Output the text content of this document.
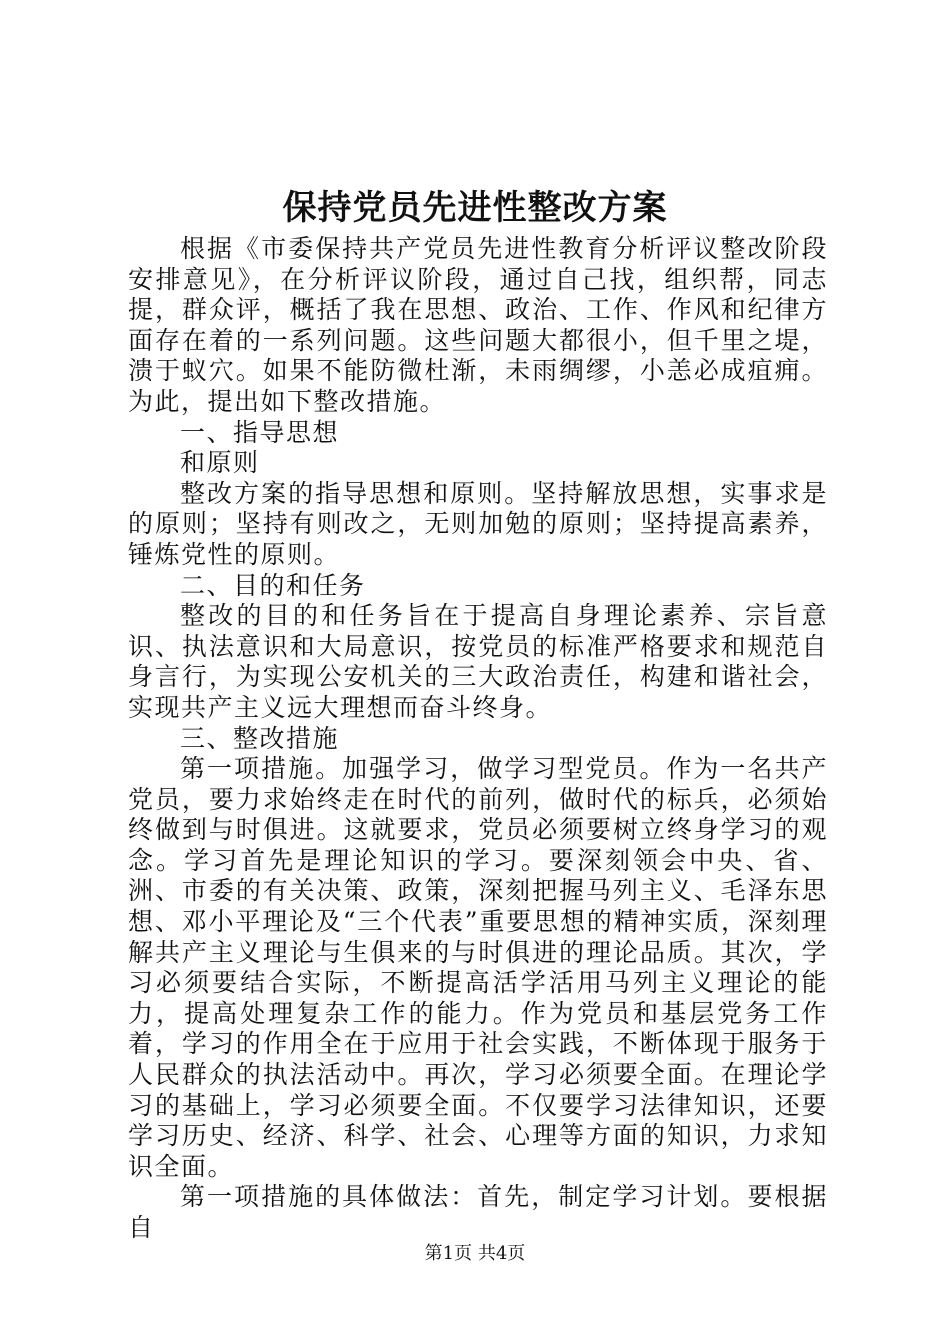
保持党员先进性整改方案

根据《市委保持共产党员先进性教育分析评议整改阶段安排意见》，在分析评议阶段，通过自己找，组织帮，同志提，群众评，概括了我在思想、政治、工作、作风和纪律方面存在着的一系列问题。这些问题大都很小，但千里之堤，溃于蚁穴。如果不能防微杜渐，未雨绸缪，小恙必成疽痈。为此，提出如下整改措施。

一、指导思想

和原则

整改方案的指导思想和原则。坚持解放思想，实事求是的原则；坚持有则改之，无则加勉的原则；坚持提高素养，锤炼党性的原则。

二、目的和任务

整改的目的和任务旨在于提高自身理论素养、宗旨意识、执法意识和大局意识，按党员的标准严格要求和规范自身言行，为实现公安机关的三大政治责任，构建和谐社会，实现共产主义远大理想而奋斗终身。

三、整改措施

第一项措施。加强学习，做学习型党员。作为一名共产党员，要力求始终走在时代的前列，做时代的标兵，必须始终做到与时俱进。这就要求，党员必须要树立终身学习的观念。学习首先是理论知识的学习。要深刻领会中央、省、洲、市委的有关决策、政策，深刻把握马列主义、毛泽东思想、邓小平理论及“三个代表”重要思想的精神实质，深刻理解共产主义理论与生俱来的与时俱进的理论品质。其次，学习必须要结合实际，不断提高活学活用马列主义理论的能力，提高处理复杂工作的能力。作为党员和基层党务工作着，学习的作用全在于应用于社会实践，不断体现于服务于人民群众的执法活动中。再次，学习必须要全面。在理论学习的基础上，学习必须要全面。不仅要学习法律知识，还要学习历史、经济、科学、社会、心理等方面的知识，力求知识全面。

第一项措施的具体做法：首先，制定学习计划。要根据自

第1页 共4页
